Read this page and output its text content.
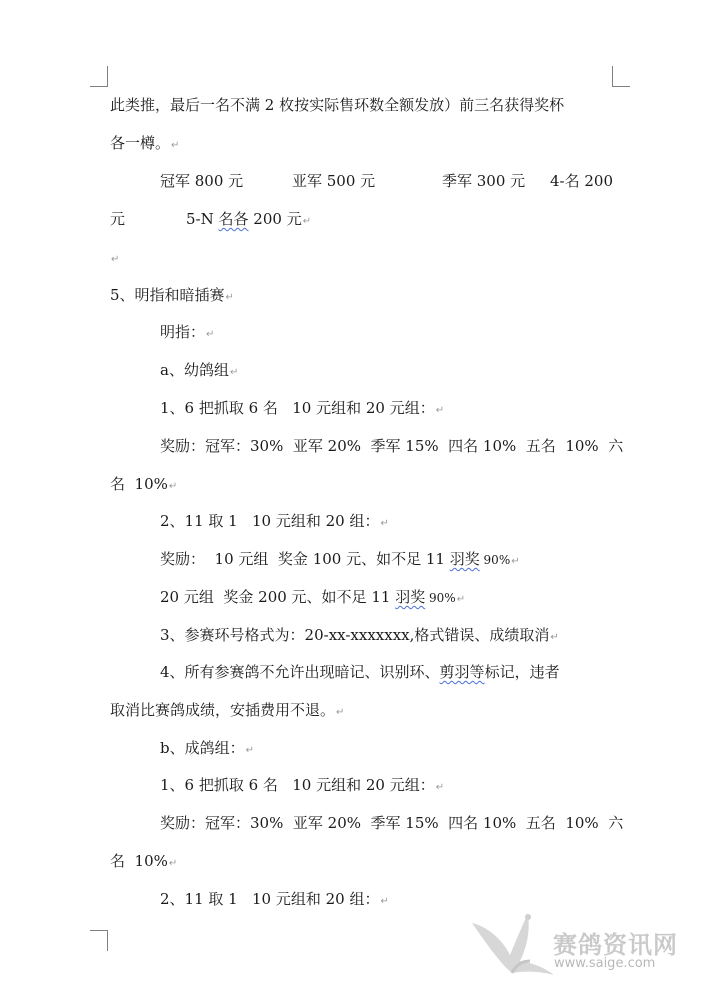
此类推，最后一名不满 2 枚按实际售环数全额发放）前三名获得奖杯
各一樽。↵
冠军 800 元	亚军 500 元	季军 300 元 4-名 200
元	5-N 名各 200 元↵
↵
5、明指和暗插赛↵
明指：↵
a、幼鸽组↵
1、6 把抓取 6 名   10 元组和 20 元组：↵
奖励：冠军：30%  亚军 20%  季军 15%  四名 10%  五名  10%  六
名  10%↵
2、11 取 1   10 元组和 20 组：↵
奖励：  10 元组  奖金 100 元、如不足 11 羽奖 90%↵
20 元组  奖金 200 元、如不足 11 羽奖 90%↵
3、参赛环号格式为：20-xx-xxxxxxx,格式错误、成绩取消↵
4、所有参赛鸽不允许出现暗记、识别环、剪羽等标记，违者
取消比赛鸽成绩，安插费用不退。↵
b、成鸽组：↵
1、6 把抓取 6 名   10 元组和 20 元组：↵
奖励：冠军：30%  亚军 20%  季军 15%  四名 10%  五名  10%  六
名  10%↵
2、11 取 1   10 元组和 20 组：↵
赛鸽资讯网
www.saige.com
